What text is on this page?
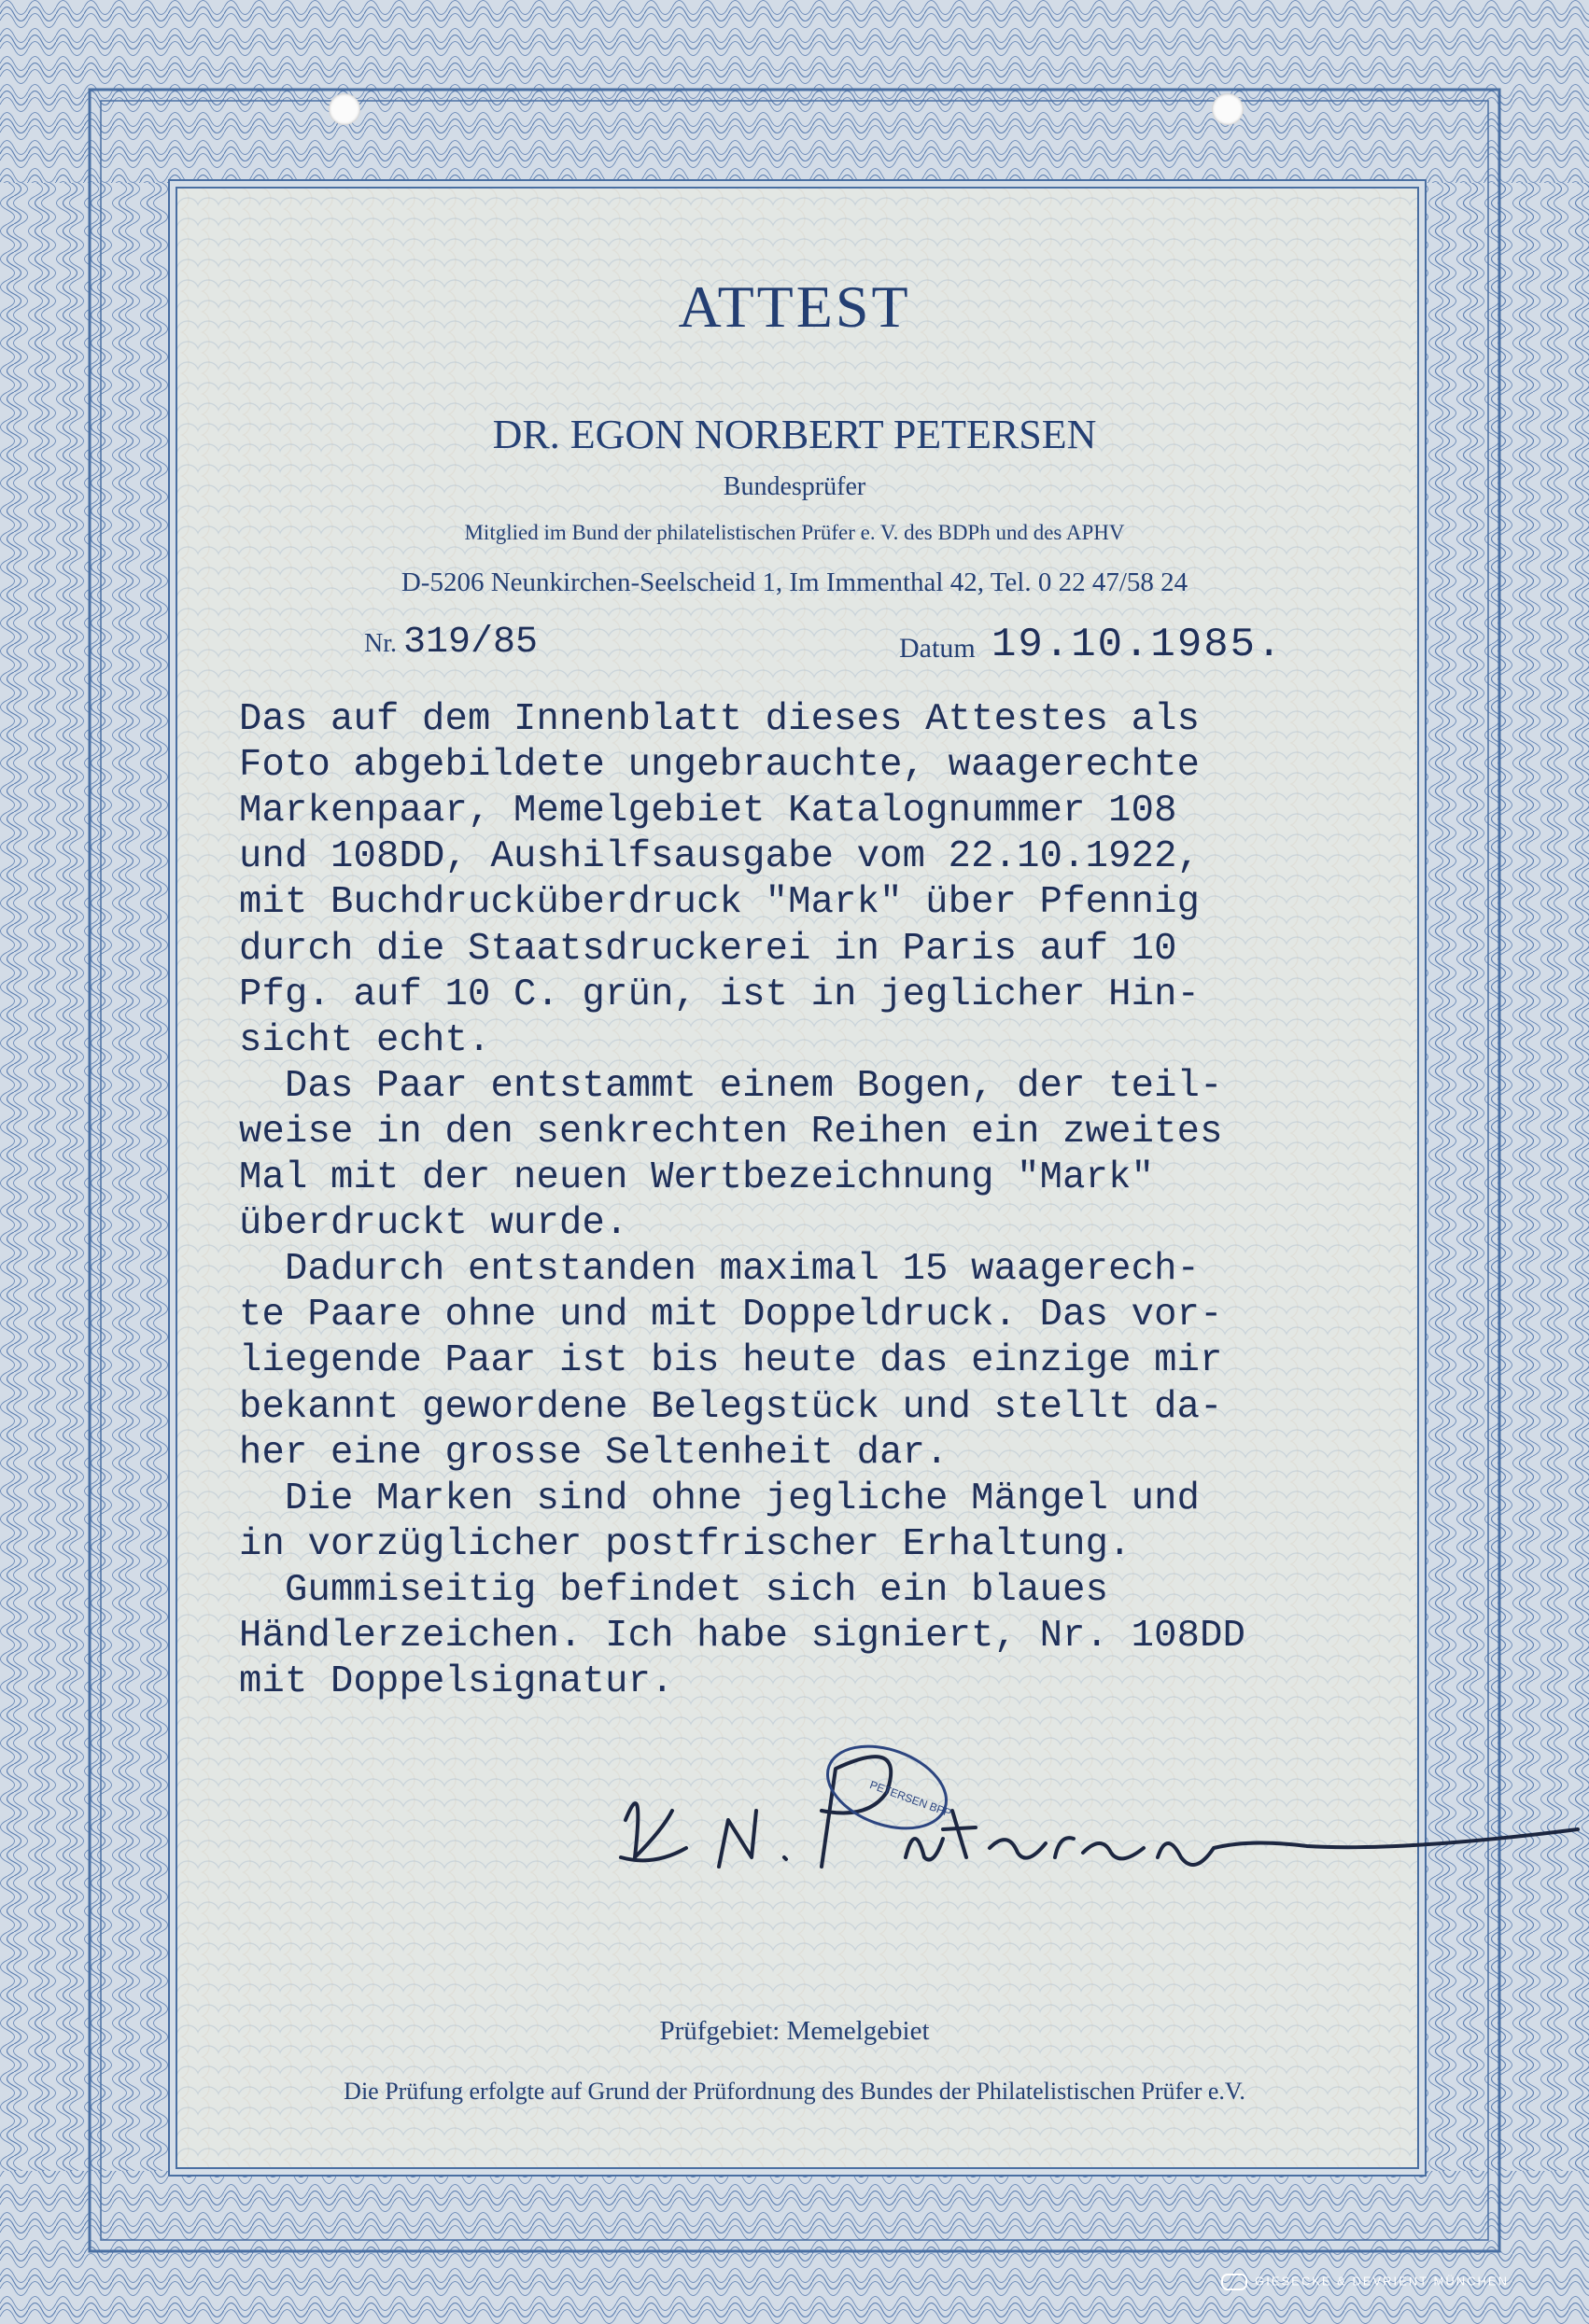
ATTEST
DR. EGON NORBERT PETERSEN
Bundesprüfer
Mitglied im Bund der philatelistischen Prüfer e. V. des BDPh und des APHV
D-5206 Neunkirchen-Seelscheid 1, Im Immenthal 42, Tel. 0 22 47/58 24
Nr. 319/85	Datum 19.10.1985.
Das auf dem Innenblatt dieses Attestes als
Foto abgebildete ungebrauchte, waagerechte
Markenpaar, Memelgebiet Katalognummer 108
und 108DD, Aushilfsausgabe vom 22.10.1922,
mit Buchdrucküberdruck "Mark" über Pfennig
durch die Staatsdruckerei in Paris auf 10
Pfg. auf 10 C. grün, ist in jeglicher Hin-
sicht echt.
Das Paar entstammt einem Bogen, der teil-
weise in den senkrechten Reihen ein zweites
Mal mit der neuen Wertbezeichnung "Mark"
überdruckt wurde.
Dadurch entstanden maximal 15 waagerech-
te Paare ohne und mit Doppeldruck. Das vor-
liegende Paar ist bis heute das einzige mir
bekannt gewordene Belegstück und stellt da-
her eine grosse Seltenheit dar.
Die Marken sind ohne jegliche Mängel und
in vorzüglicher postfrischer Erhaltung.
Gummiseitig befindet sich ein blaues
Händlerzeichen. Ich habe signiert, Nr. 108DD
mit Doppelsignatur.
PETERSEN BPP
Prüfgebiet: Memelgebiet
Die Prüfung erfolgte auf Grund der Prüfordnung des Bundes der Philatelistischen Prüfer e.V.
GIESECKE & DEVRIENT MÜNCHEN
